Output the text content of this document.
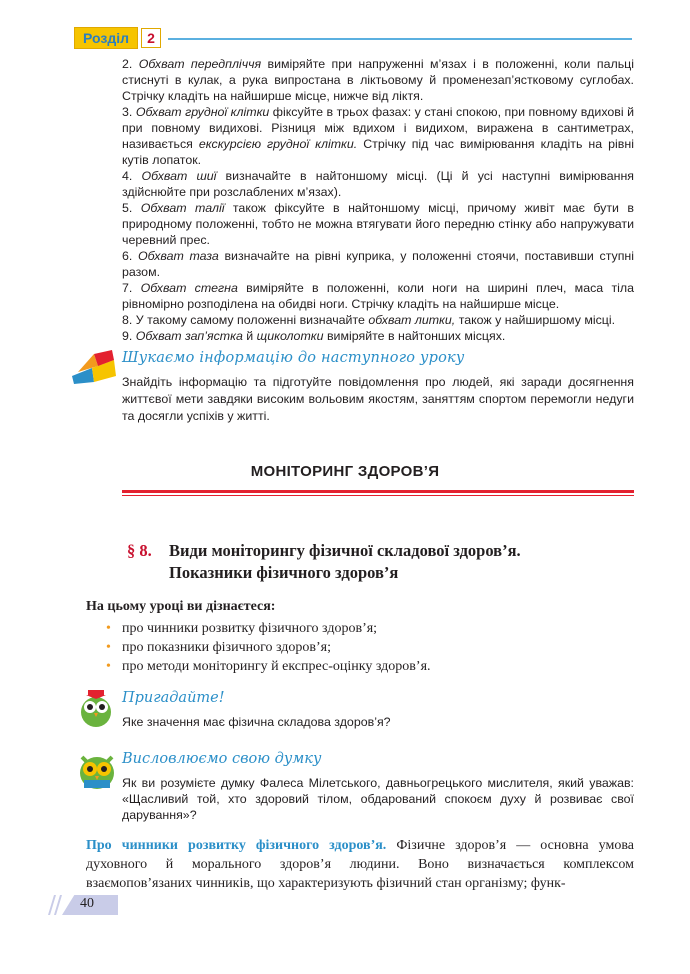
Розділ	2

2. Обхват передпліччя виміряйте при напруженні м’язах і в положенні, коли пальці стиснуті в кулак, а рука випростана в ліктьовому й променезап’ястковому суглобах. Стрічку кладіть на найширше місце, нижче від ліктя.

3. Обхват грудної клітки фіксуйте в трьох фазах: у стані спокою, при повному вдихові й при повному видихові. Різниця між вдихом і видихом, виражена в сантиметрах, називається екскурсією грудної клітки. Стрічку під час вимірювання кладіть на рівні кутів лопаток.

4. Обхват шиї визначайте в найтоншому місці. (Ці й усі наступні вимірювання здійснюйте при розслаблених м’язах).

5. Обхват талії також фіксуйте в найтоншому місці, причому живіт має бути в природному положенні, тобто не можна втягувати його передню стінку або напружувати черевний прес.

6. Обхват таза визначайте на рівні куприка, у положенні стоячи, поставивши ступні разом.

7. Обхват стегна виміряйте в положенні, коли ноги на ширині плеч, маса тіла рівномірно розподілена на обидві ноги. Стрічку кладіть на найширше місце.

8. У такому самому положенні визначайте обхват литки, також у найширшому місці.

9. Обхват зап’ястка й щиколотки виміряйте в найтонших місцях.

Шукаємо інформацію до наступного уроку
Знайдіть інформацію та підготуйте повідомлення про людей, які заради досягнення життєвої мети завдяки високим вольовим якостям, заняттям спортом перемогли недуги та досягли успіхів у житті.
МОНІТОРИНГ ЗДОРОВ’Я
§ 8. Види моніторингу фізичної складової здоров’я.
Показники фізичного здоров’я
На цьому уроці ви дізнаєтеся:
• про чинники розвитку фізичного здоров’я;
• про показники фізичного здоров’я;
• про методи моніторингу й експрес-оцінку здоров’я.
Пригадайте!
Яке значення має фізична складова здоров’я?
Висловлюємо свою думку
Як ви розумієте думку Фалеса Мілетського, давньогрецького мислителя, який уважав: «Щасливий той, хто здоровий тілом, обдарований спокоєм духу й розвиває свої дарування»?
Про чинники розвитку фізичного здоров’я. Фізичне здоров’я — основна умова духовного й морального здоров’я людини. Воно визначається комплексом взаємопов’язаних чинників, що характеризують фізичний стан організму; функ-
40
